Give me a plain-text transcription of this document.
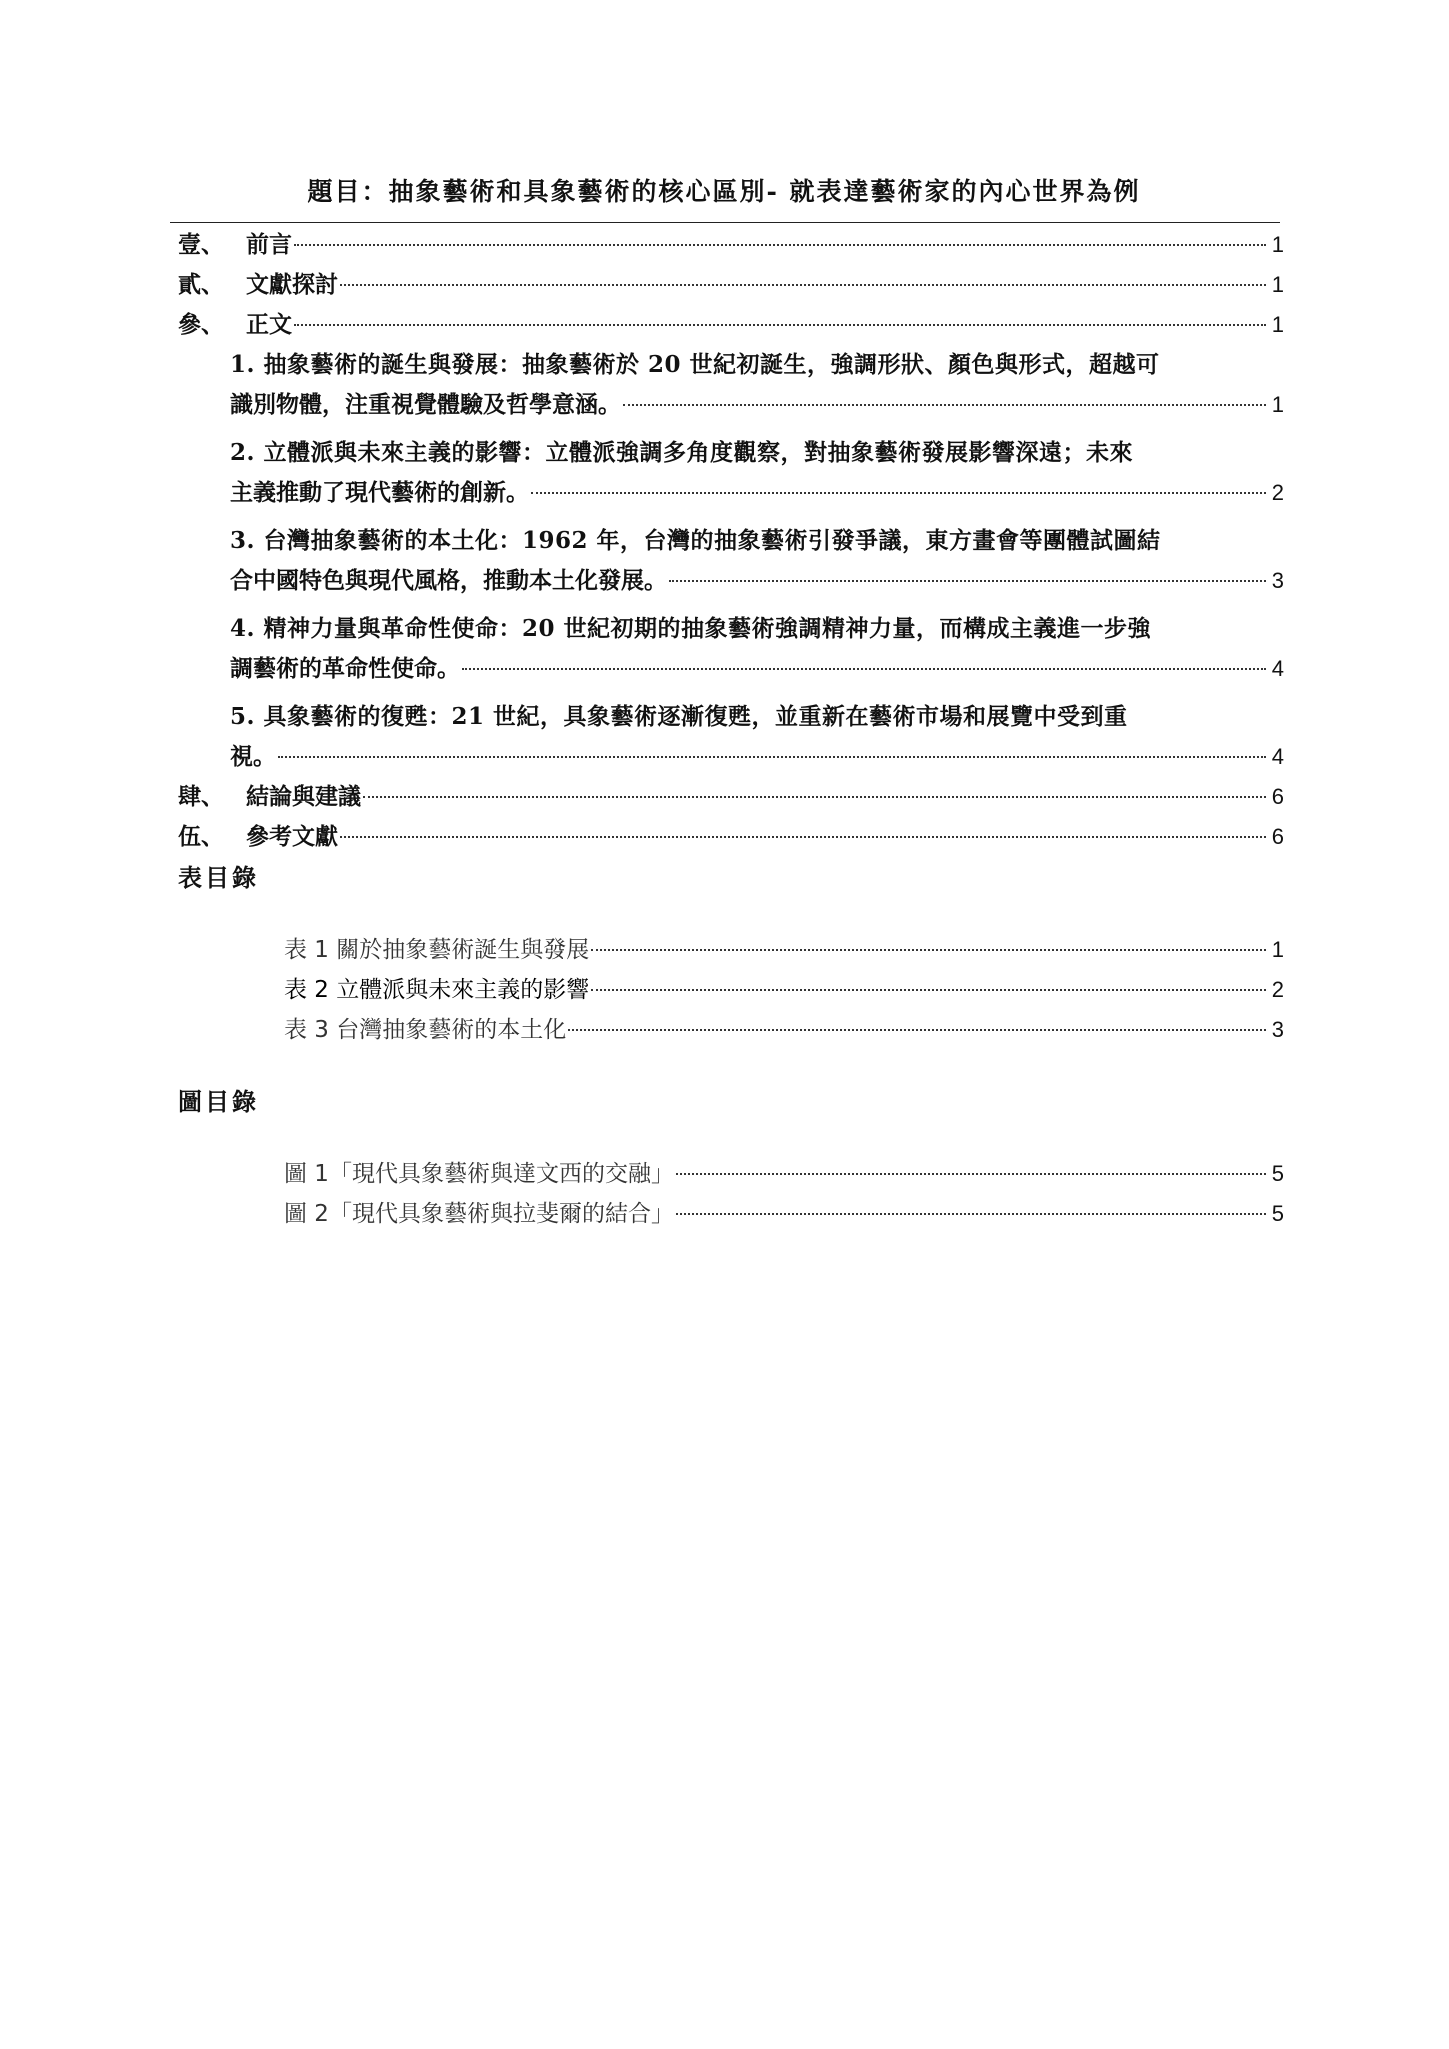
題目：抽象藝術和具象藝術的核心區別- 就表達藝術家的內心世界為例
壹、 前言	1
貳、 文獻探討	1
參、 正文	1
1. 抽象藝術的誕生與發展：抽象藝術於 20 世紀初誕生，強調形狀、顏色與形式，超越可
識別物體，注重視覺體驗及哲學意涵。	1
2. 立體派與未來主義的影響：立體派強調多角度觀察，對抽象藝術發展影響深遠；未來
主義推動了現代藝術的創新。	2
3. 台灣抽象藝術的本土化：1962 年，台灣的抽象藝術引發爭議，東方畫會等團體試圖結
合中國特色與現代風格，推動本土化發展。	3
4. 精神力量與革命性使命：20 世紀初期的抽象藝術強調精神力量，而構成主義進一步強
調藝術的革命性使命。	4
5. 具象藝術的復甦：21 世紀，具象藝術逐漸復甦，並重新在藝術市場和展覽中受到重
視。	4
肆、 結論與建議	6
伍、 參考文獻	6
表目錄
表 1 關於抽象藝術誕生與發展	1
表 2 立體派與未來主義的影響	2
表 3 台灣抽象藝術的本土化	3
圖目錄
圖 1「現代具象藝術與達文西的交融」	5
圖 2「現代具象藝術與拉斐爾的結合」	5
